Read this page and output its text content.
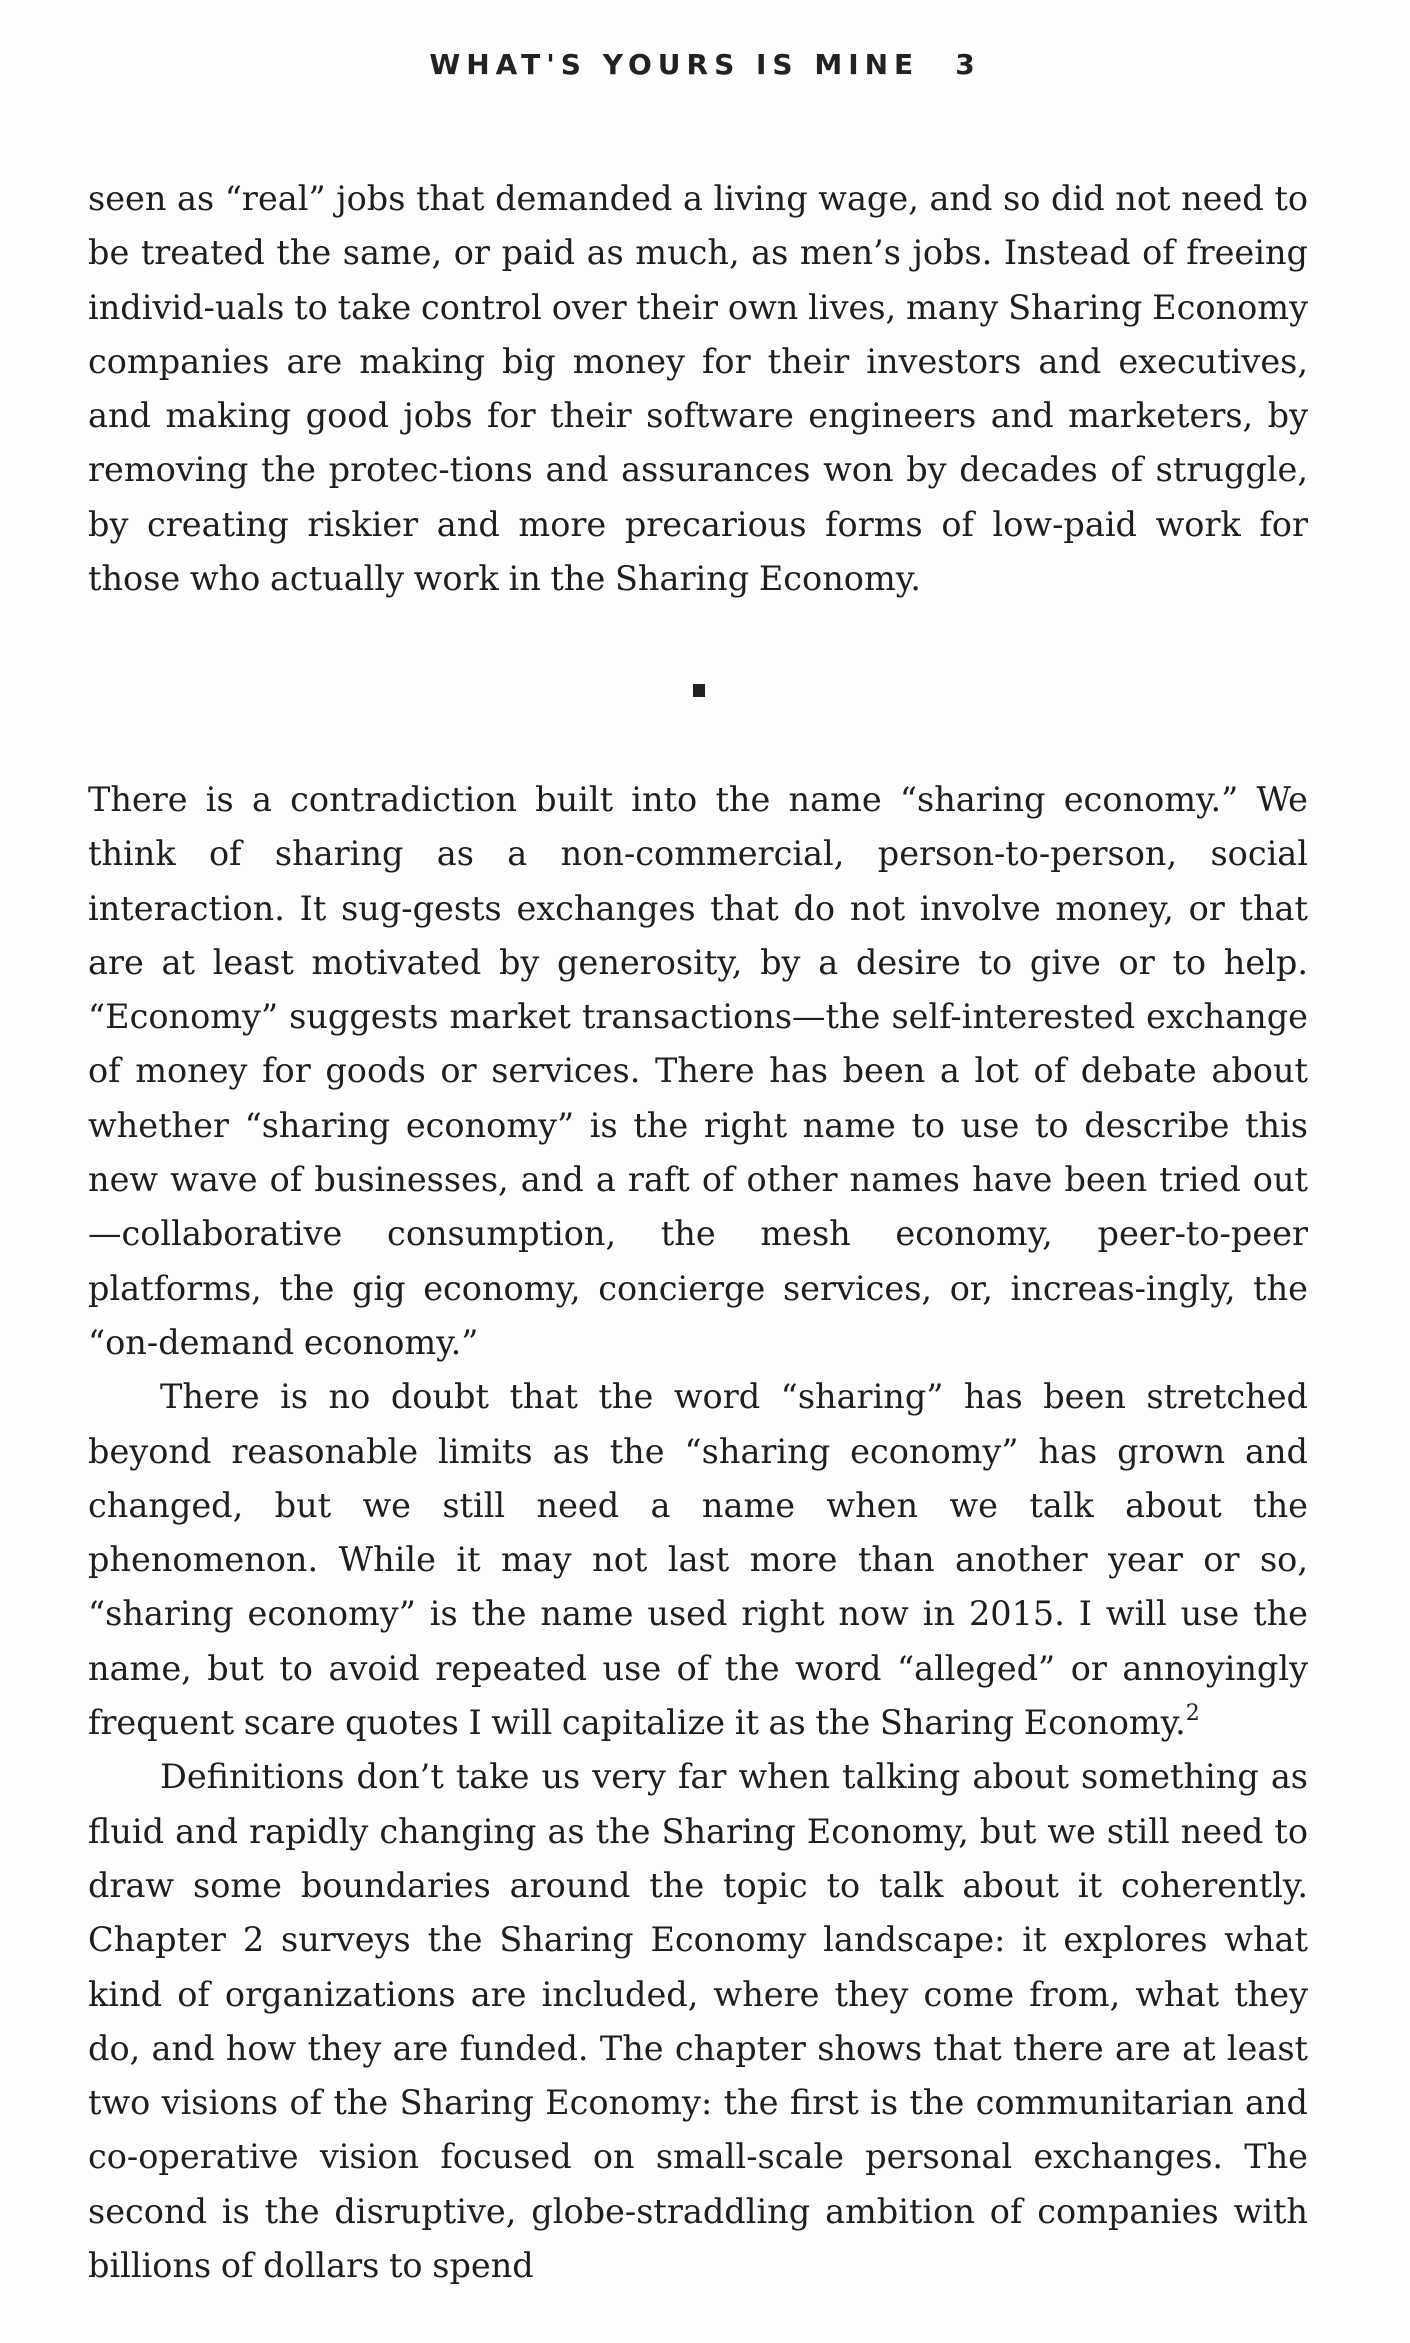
WHAT'S YOURS IS MINE 3

seen as “real” jobs that demanded a living wage, and so did not need to be treated the same, or paid as much, as men’s jobs. Instead of freeing individ-uals to take control over their own lives, many Sharing Economy companies are making big money for their investors and executives, and making good jobs for their software engineers and marketers, by removing the protec-tions and assurances won by decades of struggle, by creating riskier and more precarious forms of low-paid work for those who actually work in the Sharing Economy.

There is a contradiction built into the name “sharing economy.” We think of sharing as a non-commercial, person-to-person, social interaction. It sug-gests exchanges that do not involve money, or that are at least motivated by generosity, by a desire to give or to help. “Economy” suggests market transactions—the self-interested exchange of money for goods or services. There has been a lot of debate about whether “sharing economy” is the right name to use to describe this new wave of businesses, and a raft of other names have been tried out—collaborative consumption, the mesh economy, peer-to-peer platforms, the gig economy, concierge services, or, increas-ingly, the “on-demand economy.”

There is no doubt that the word “sharing” has been stretched beyond reasonable limits as the “sharing economy” has grown and changed, but we still need a name when we talk about the phenomenon. While it may not last more than another year or so, “sharing economy” is the name used right now in 2015. I will use the name, but to avoid repeated use of the word “alleged” or annoyingly frequent scare quotes I will capitalize it as the Sharing Economy.$^2$

Definitions don’t take us very far when talking about something as fluid and rapidly changing as the Sharing Economy, but we still need to draw some boundaries around the topic to talk about it coherently. Chapter 2 surveys the Sharing Economy landscape: it explores what kind of organizations are included, where they come from, what they do, and how they are funded. The chapter shows that there are at least two visions of the Sharing Economy: the first is the communitarian and co-operative vision focused on small-scale personal exchanges. The second is the disruptive, globe-straddling ambition of companies with billions of dollars to spend
